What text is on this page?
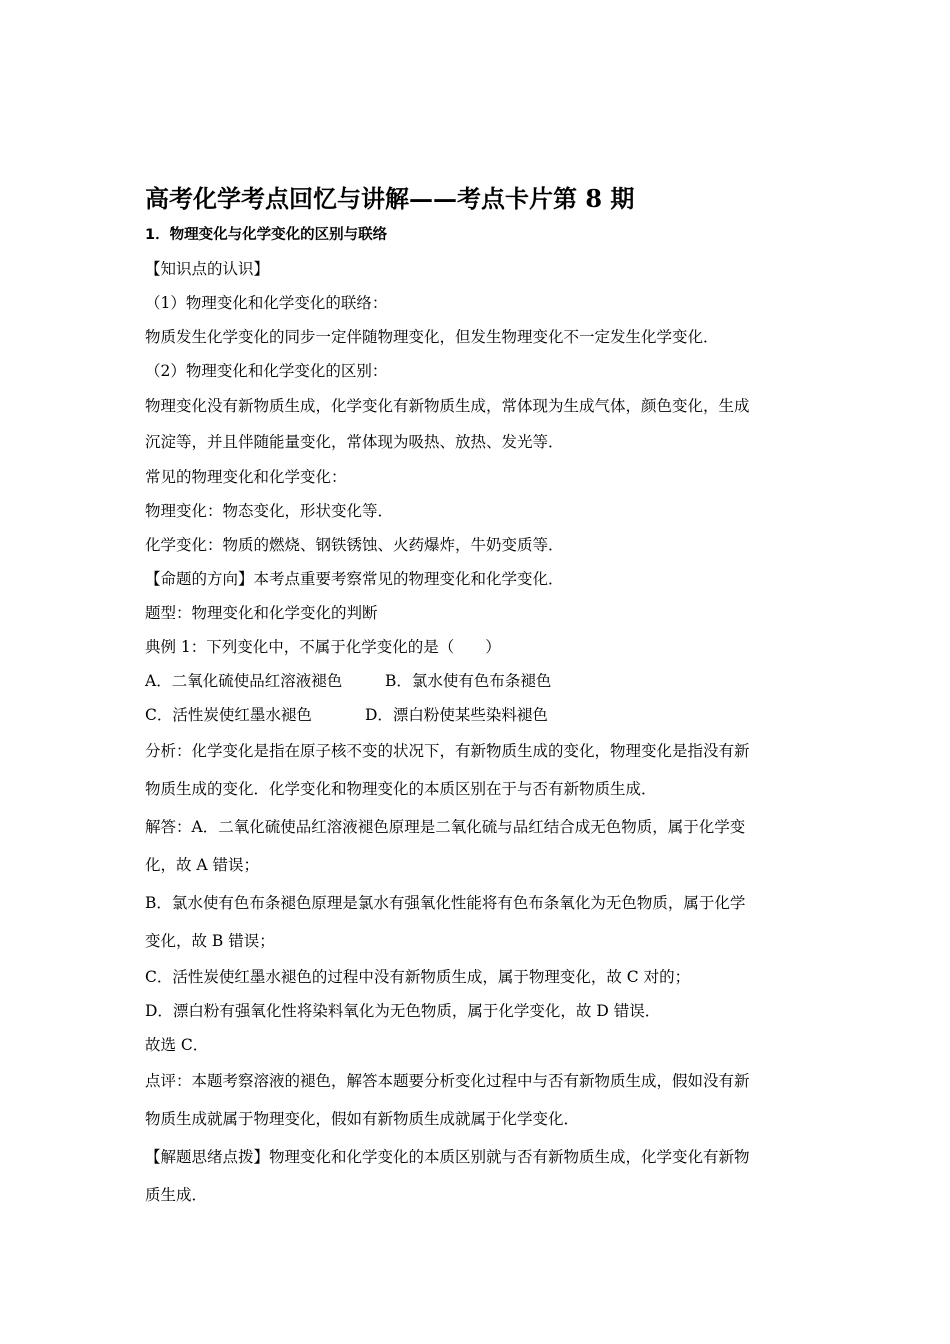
高考化学考点回忆与讲解——考点卡片第 8 期
1．物理变化与化学变化的区别与联络
【知识点的认识】
（1）物理变化和化学变化的联络：
物质发生化学变化的同步一定伴随物理变化，但发生物理变化不一定发生化学变化．
（2）物理变化和化学变化的区别：
物理变化没有新物质生成，化学变化有新物质生成，常体现为生成气体，颜色变化，生成
沉淀等，并且伴随能量变化，常体现为吸热、放热、发光等．
常见的物理变化和化学变化：
物理变化：物态变化，形状变化等．
化学变化：物质的燃烧、钢铁锈蚀、火药爆炸，牛奶变质等．
【命题的方向】本考点重要考察常见的物理变化和化学变化．
题型：物理变化和化学变化的判断
典例 1：下列变化中，不属于化学变化的是（　　）
A．二氧化硫使品红溶液褪色	B．氯水使有色布条褪色
C．活性炭使红墨水褪色	D．漂白粉使某些染料褪色
分析：化学变化是指在原子核不变的状况下，有新物质生成的变化，物理变化是指没有新
物质生成的变化．化学变化和物理变化的本质区别在于与否有新物质生成．
解答：A．二氧化硫使品红溶液褪色原理是二氧化硫与品红结合成无色物质，属于化学变
化，故 A 错误；
B．氯水使有色布条褪色原理是氯水有强氧化性能将有色布条氧化为无色物质，属于化学
变化，故 B 错误；
C．活性炭使红墨水褪色的过程中没有新物质生成，属于物理变化，故 C 对的；
D．漂白粉有强氧化性将染料氧化为无色物质，属于化学变化，故 D 错误．
故选 C．
点评：本题考察溶液的褪色，解答本题要分析变化过程中与否有新物质生成，假如没有新
物质生成就属于物理变化，假如有新物质生成就属于化学变化．
【解题思绪点拨】物理变化和化学变化的本质区别就与否有新物质生成，化学变化有新物
质生成．
